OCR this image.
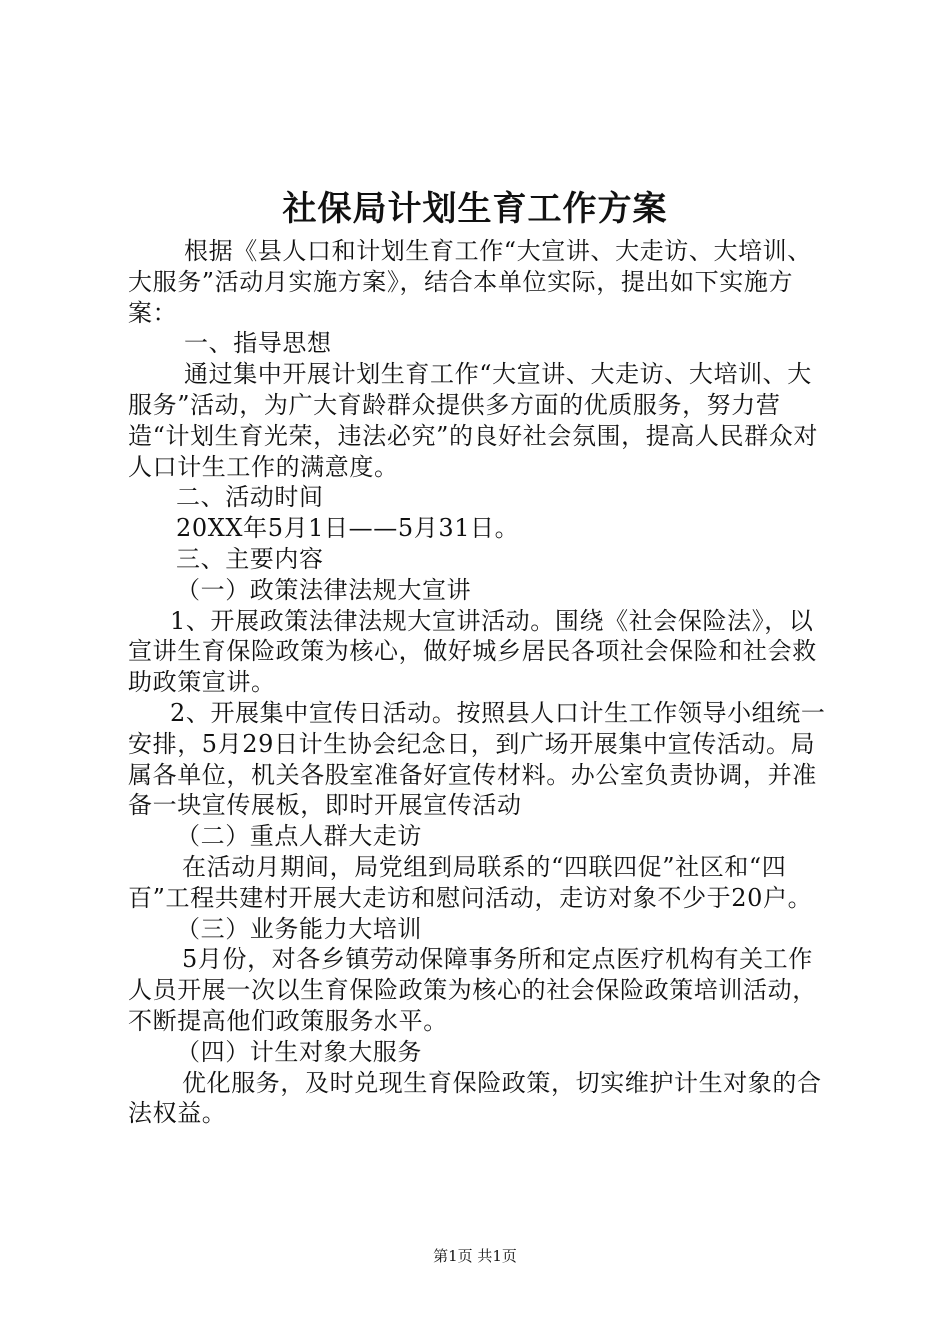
社保局计划生育工作方案

根据《县人口和计划生育工作“大宣讲、大走访、大培训、大服务”活动月实施方案》，结合本单位实际，提出如下实施方案：

一、指导思想

通过集中开展计划生育工作“大宣讲、大走访、大培训、大服务”活动，为广大育龄群众提供多方面的优质服务，努力营造“计划生育光荣，违法必究”的良好社会氛围，提高人民群众对人口计生工作的满意度。

二、活动时间

20XX年5月1日——5月31日。

三、主要内容

（一）政策法律法规大宣讲

1、开展政策法律法规大宣讲活动。围绕《社会保险法》，以宣讲生育保险政策为核心，做好城乡居民各项社会保险和社会救助政策宣讲。

2、开展集中宣传日活动。按照县人口计生工作领导小组统一安排，5月29日计生协会纪念日，到广场开展集中宣传活动。局属各单位，机关各股室准备好宣传材料。办公室负责协调，并准备一块宣传展板，即时开展宣传活动

（二）重点人群大走访

在活动月期间，局党组到局联系的“四联四促”社区和“四百”工程共建村开展大走访和慰问活动，走访对象不少于20户。

（三）业务能力大培训

5月份，对各乡镇劳动保障事务所和定点医疗机构有关工作人员开展一次以生育保险政策为核心的社会保险政策培训活动，不断提高他们政策服务水平。

（四）计生对象大服务

优化服务，及时兑现生育保险政策，切实维护计生对象的合法权益。

第1页 共1页
